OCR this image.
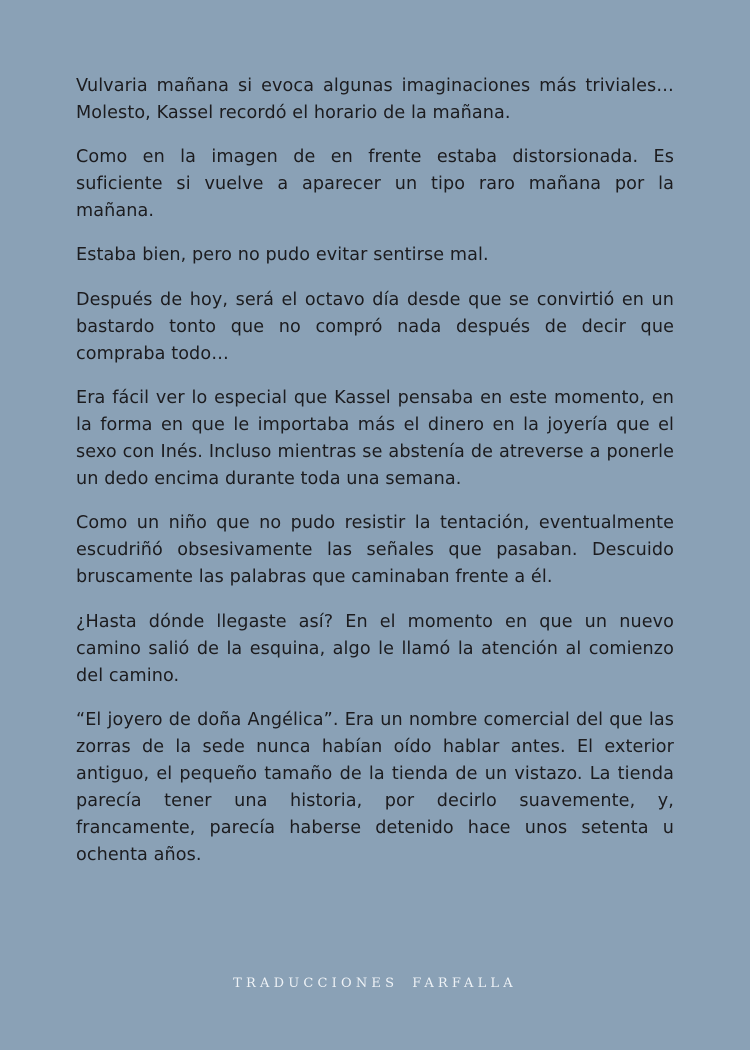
Vulvaria mañana si evoca algunas imaginaciones más triviales… Molesto, Kassel recordó el horario de la mañana.

Como en la imagen de en frente estaba distorsionada. Es suficiente si vuelve a aparecer un tipo raro mañana por la mañana.

Estaba bien, pero no pudo evitar sentirse mal.

Después de hoy, será el octavo día desde que se convirtió en un bastardo tonto que no compró nada después de decir que compraba todo…

Era fácil ver lo especial que Kassel pensaba en este momento, en la forma en que le importaba más el dinero en la joyería que el sexo con Inés. Incluso mientras se abstenía de atreverse a ponerle un dedo encima durante toda una semana.

Como un niño que no pudo resistir la tentación, eventualmente escudriñó obsesivamente las señales que pasaban. Descuido bruscamente las palabras que caminaban frente a él.

¿Hasta dónde llegaste así? En el momento en que un nuevo camino salió de la esquina, algo le llamó la atención al comienzo del camino.

“El joyero de doña Angélica”. Era un nombre comercial del que las zorras de la sede nunca habían oído hablar antes. El exterior antiguo, el pequeño tamaño de la tienda de un vistazo. La tienda parecía tener una historia, por decirlo suavemente, y, francamente, parecía haberse detenido hace unos setenta u ochenta años.

TRADUCCIONES FARFALLA
